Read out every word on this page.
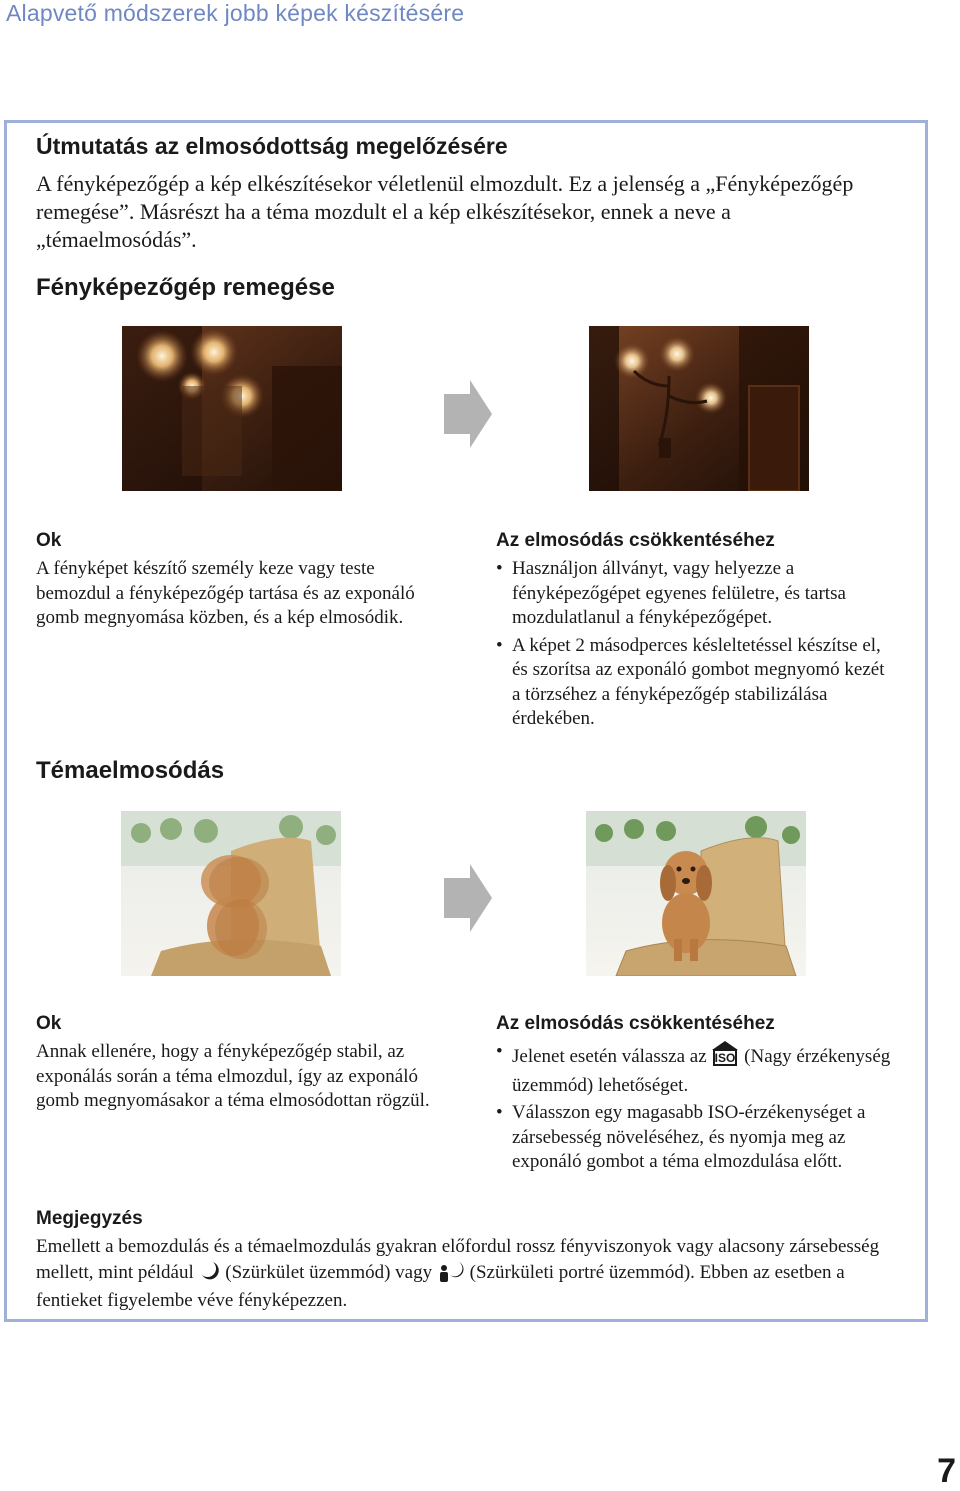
Alapvető módszerek jobb képek készítésére
Útmutatás az elmosódottság megelőzésére
A fényképezőgép a kép elkészítésekor véletlenül elmozdult. Ez a jelenség a „Fényképezőgép remegése”. Másrészt ha a téma mozdult el a kép elkészítésekor, ennek a neve a „témaelmosódás”.
Fényképezőgép remegése
Ok
A fényképet készítő személy keze vagy teste bemozdul a fényképezőgép tartása és az exponáló gomb megnyomása közben, és a kép elmosódik.
Az elmosódás csökkentéséhez
• Használjon állványt, vagy helyezze a fényképezőgépet egyenes felületre, és tartsa mozdulatlanul a fényképezőgépet.
• A képet 2 másodperces késleltetéssel készítse el, és szorítsa az exponáló gombot megnyomó kezét a törzséhez a fényképezőgép stabilizálása érdekében.
Témaelmosódás
Ok
Annak ellenére, hogy a fényképezőgép stabil, az exponálás során a téma elmozdul, így az exponáló gomb megnyomásakor a téma elmosódottan rögzül.
Az elmosódás csökkentéséhez
• Jelenet esetén válassza az ISO (Nagy érzékenység üzemmód) lehetőséget.
• Válasszon egy magasabb ISO-érzékenységet a zársebesség növeléséhez, és nyomja meg az exponáló gombot a téma elmozdulása előtt.
Megjegyzés
Emellett a bemozdulás és a témaelmozdulás gyakran előfordul rossz fényviszonyok vagy alacsony zársebesség mellett, mint például (Szürkület üzemmód) vagy (Szürkületi portré üzemmód). Ebben az esetben a fentieket figyelembe véve fényképezzen.
7
